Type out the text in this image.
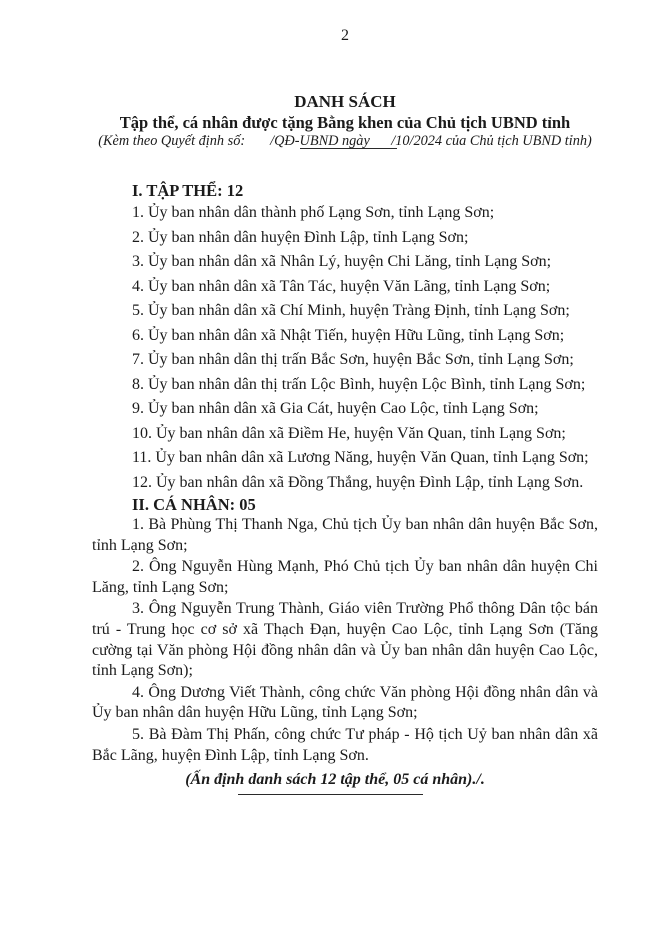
2

DANH SÁCH

Tập thể, cá nhân được tặng Bằng khen của Chủ tịch UBND tỉnh

(Kèm theo Quyết định số:       /QĐ-UBND ngày      /10/2024 của Chủ tịch UBND tỉnh)

I. TẬP THỂ: 12

1. Ủy ban nhân dân thành phố Lạng Sơn, tỉnh Lạng Sơn;

2. Ủy ban nhân dân huyện Đình Lập, tỉnh Lạng Sơn;

3. Ủy ban nhân dân xã Nhân Lý, huyện Chi Lăng, tỉnh Lạng Sơn;

4. Ủy ban nhân dân xã Tân Tác, huyện Văn Lãng, tỉnh Lạng Sơn;

5. Ủy ban nhân dân xã Chí Minh, huyện Tràng Định, tỉnh Lạng Sơn;

6. Ủy ban nhân dân xã Nhật Tiến, huyện Hữu Lũng, tỉnh Lạng Sơn;

7. Ủy ban nhân dân thị trấn Bắc Sơn, huyện Bắc Sơn, tỉnh Lạng Sơn;

8. Ủy ban nhân dân thị trấn Lộc Bình, huyện Lộc Bình, tỉnh Lạng Sơn;

9. Ủy ban nhân dân xã Gia Cát, huyện Cao Lộc, tỉnh Lạng Sơn;

10. Ủy ban nhân dân xã Điềm He, huyện Văn Quan, tỉnh Lạng Sơn;

11. Ủy ban nhân dân xã Lương Năng, huyện Văn Quan, tỉnh Lạng Sơn;

12. Ủy ban nhân dân xã Đồng Thắng, huyện Đình Lập, tỉnh Lạng Sơn.

II. CÁ NHÂN: 05

1. Bà Phùng Thị Thanh Nga, Chủ tịch Ủy ban nhân dân huyện Bắc Sơn, tỉnh Lạng Sơn;

2. Ông Nguyễn Hùng Mạnh, Phó Chủ tịch Ủy ban nhân dân huyện Chi Lăng, tỉnh Lạng Sơn;

3. Ông Nguyễn Trung Thành, Giáo viên Trường Phổ thông Dân tộc bán trú - Trung học cơ sở xã Thạch Đạn, huyện Cao Lộc, tỉnh Lạng Sơn (Tăng cường tại Văn phòng Hội đồng nhân dân và Ủy ban nhân dân huyện Cao Lộc, tỉnh Lạng Sơn);

4. Ông Dương Viết Thành, công chức Văn phòng Hội đồng nhân dân và Ủy ban nhân dân huyện Hữu Lũng, tỉnh Lạng Sơn;

5. Bà Đàm Thị Phấn, công chức Tư pháp - Hộ tịch Uỷ ban nhân dân xã Bắc Lãng, huyện Đình Lập, tỉnh Lạng Sơn.

(Ấn định danh sách 12 tập thể, 05 cá nhân)./.
